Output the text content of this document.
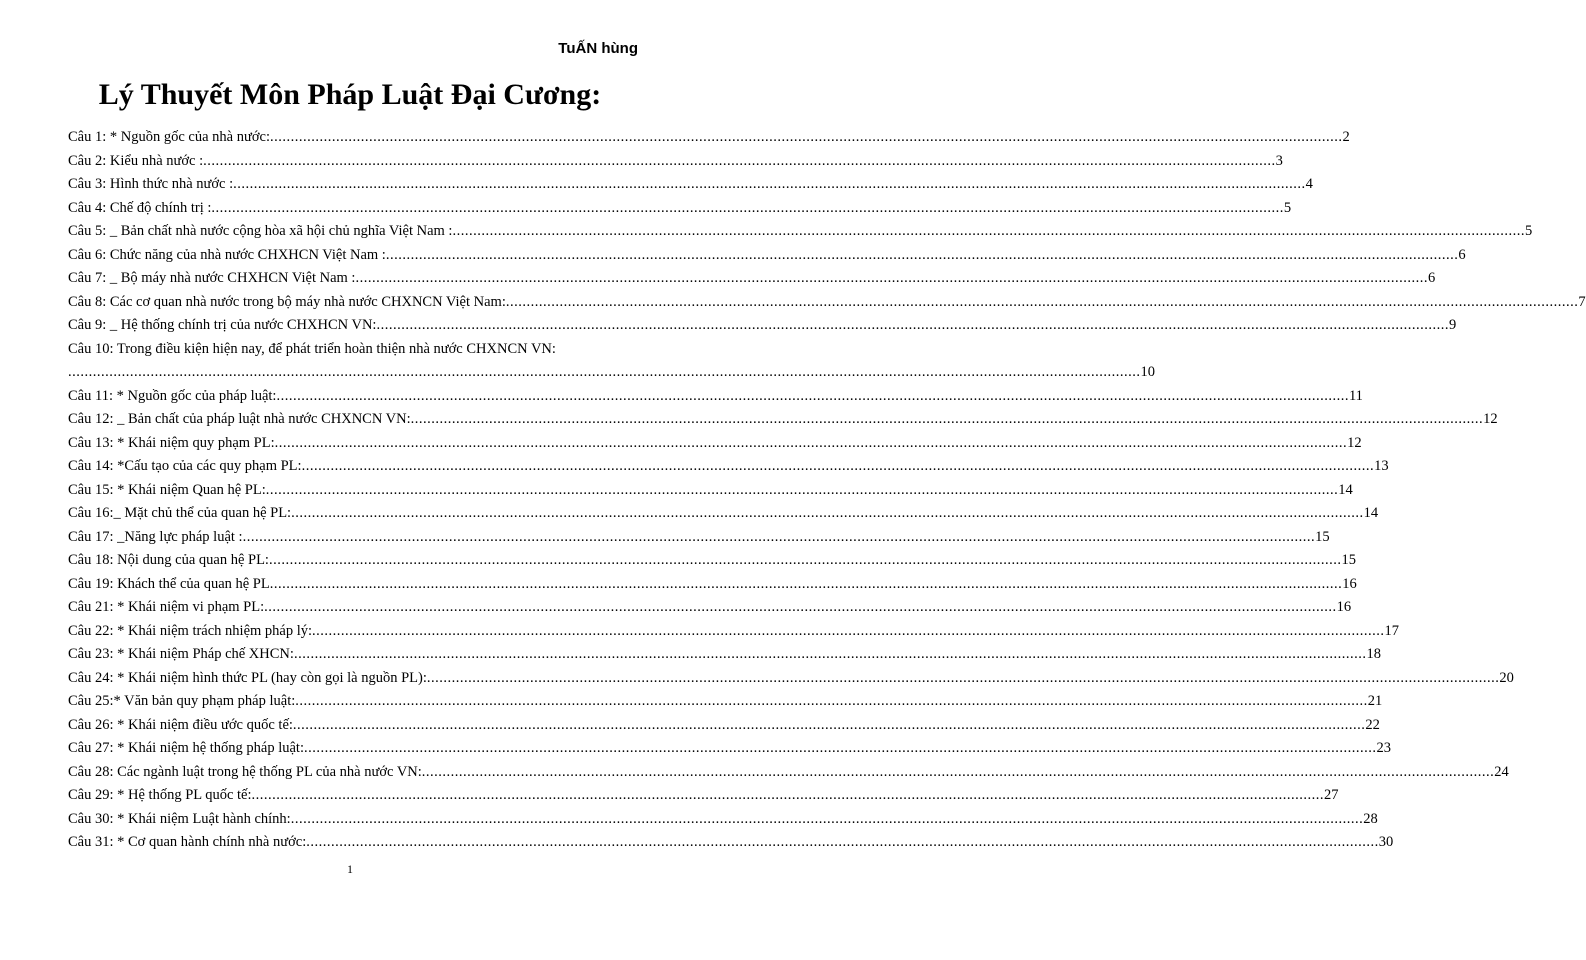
TuẤN hùng
Lý Thuyết Môn Pháp Luật Đại Cương:
Câu 1: * Nguồn gốc của nhà nước: .................................................................................................................................................................................................................................................................... 2
Câu 2: Kiểu nhà nước : .................................................................................................................................................................................................................................................................... 3
Câu 3: Hình thức nhà nước : .................................................................................................................................................................................................................................................................... 4
Câu 4: Chế độ chính trị : .................................................................................................................................................................................................................................................................... 5
Câu 5: _ Bản chất nhà nước cộng hòa xã hội chủ nghĩa Việt Nam : .................................................................................................................................................................................................................................................................... 5
Câu 6: Chức năng của nhà nước CHXHCN Việt Nam : .................................................................................................................................................................................................................................................................... 6
Câu 7: _ Bộ máy nhà nước CHXHCN Việt Nam : .................................................................................................................................................................................................................................................................... 6
Câu 8: Các cơ quan nhà nước trong bộ máy nhà nước CHXNCN Việt Nam: .................................................................................................................................................................................................................................................................... 7
Câu 9: _ Hệ thống chính trị của nước CHXHCN VN: .................................................................................................................................................................................................................................................................... 9
Câu 10: Trong điều kiện hiện nay, để phát triển hoàn thiện nhà nước CHXNCN VN:
.................................................................................................................................................................................................................................................................... 10
Câu 11: * Nguồn gốc của pháp luật: .................................................................................................................................................................................................................................................................... 11
Câu 12: _ Bản chất của pháp luật nhà nước CHXNCN VN: .................................................................................................................................................................................................................................................................... 12
Câu 13: * Khái niệm quy phạm PL: .................................................................................................................................................................................................................................................................... 12
Câu 14: *Cấu tạo của các quy phạm PL: .................................................................................................................................................................................................................................................................... 13
Câu 15: * Khái niệm Quan hệ PL: .................................................................................................................................................................................................................................................................... 14
Câu 16:_ Mặt chủ thể của quan hệ PL: .................................................................................................................................................................................................................................................................... 14
Câu 17: _Năng lực pháp luật : .................................................................................................................................................................................................................................................................... 15
Câu 18: Nội dung của quan hệ PL: .................................................................................................................................................................................................................................................................... 15
Câu 19: Khách thể của quan hệ PL .................................................................................................................................................................................................................................................................... 16
Câu 21: * Khái niệm vi phạm PL: .................................................................................................................................................................................................................................................................... 16
Câu 22: * Khái niệm trách nhiệm pháp lý: .................................................................................................................................................................................................................................................................... 17
Câu 23: * Khái niệm Pháp chế XHCN: .................................................................................................................................................................................................................................................................... 18
Câu 24: * Khái niệm hình thức PL (hay còn gọi là nguồn PL): .................................................................................................................................................................................................................................................................... 20
Câu 25:* Văn bản quy phạm pháp luật: .................................................................................................................................................................................................................................................................... 21
Câu 26: * Khái niệm điều ước quốc tế: .................................................................................................................................................................................................................................................................... 22
Câu 27: * Khái niệm hệ thống pháp luật: .................................................................................................................................................................................................................................................................... 23
Câu 28: Các ngành luật trong hệ thống PL của nhà nước VN: .................................................................................................................................................................................................................................................................... 24
Câu 29: * Hệ thống PL quốc tế: .................................................................................................................................................................................................................................................................... 27
Câu 30: * Khái niệm Luật hành chính: .................................................................................................................................................................................................................................................................... 28
Câu 31: * Cơ quan hành chính nhà nước: .................................................................................................................................................................................................................................................................... 30
1
